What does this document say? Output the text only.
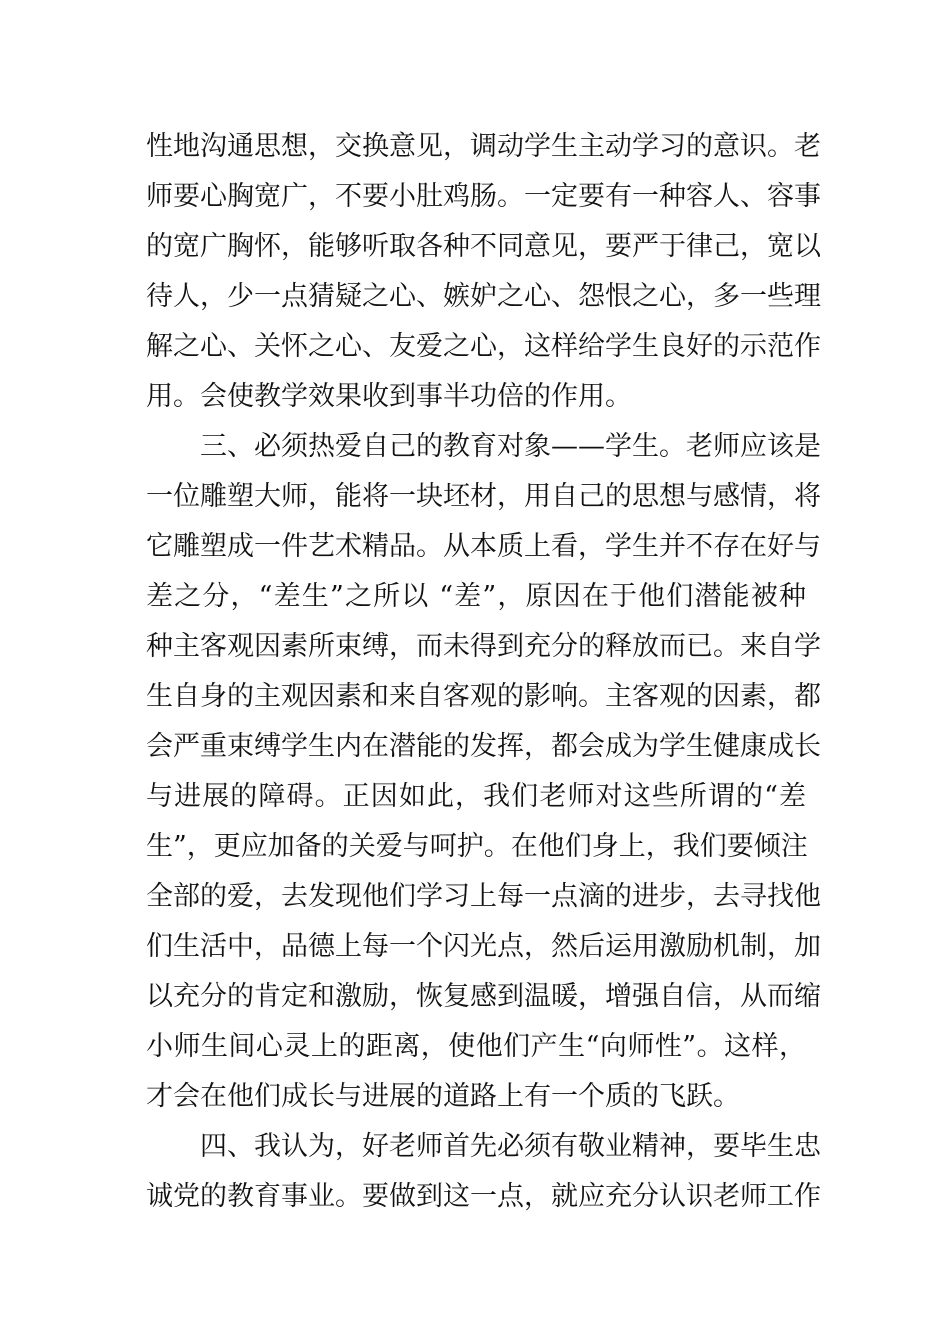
性地沟通思想，交换意见，调动学生主动学习的意识。老
师要心胸宽广，不要小肚鸡肠。一定要有一种容人、容事
的宽广胸怀，能够听取各种不同意见，要严于律己，宽以
待人，少一点猜疑之心、嫉妒之心、怨恨之心，多一些理
解之心、关怀之心、友爱之心，这样给学生良好的示范作
用。会使教学效果收到事半功倍的作用。
三、必须热爱自己的教育对象——学生。老师应该是
一位雕塑大师，能将一块坯材，用自己的思想与感情，将
它雕塑成一件艺术精品。从本质上看，学生并不存在好与
差之分，“差生”之所以 “差”，原因在于他们潜能被种
种主客观因素所束缚，而未得到充分的释放而已。来自学
生自身的主观因素和来自客观的影响。主客观的因素，都
会严重束缚学生内在潜能的发挥，都会成为学生健康成长
与进展的障碍。正因如此，我们老师对这些所谓的“差
生”，更应加备的关爱与呵护。在他们身上，我们要倾注
全部的爱，去发现他们学习上每一点滴的进步，去寻找他
们生活中，品德上每一个闪光点，然后运用激励机制，加
以充分的肯定和激励，恢复感到温暖，增强自信，从而缩
小师生间心灵上的距离，使他们产生“向师性”。这样，
才会在他们成长与进展的道路上有一个质的飞跃。
四、我认为，好老师首先必须有敬业精神，要毕生忠
诚党的教育事业。要做到这一点，就应充分认识老师工作
